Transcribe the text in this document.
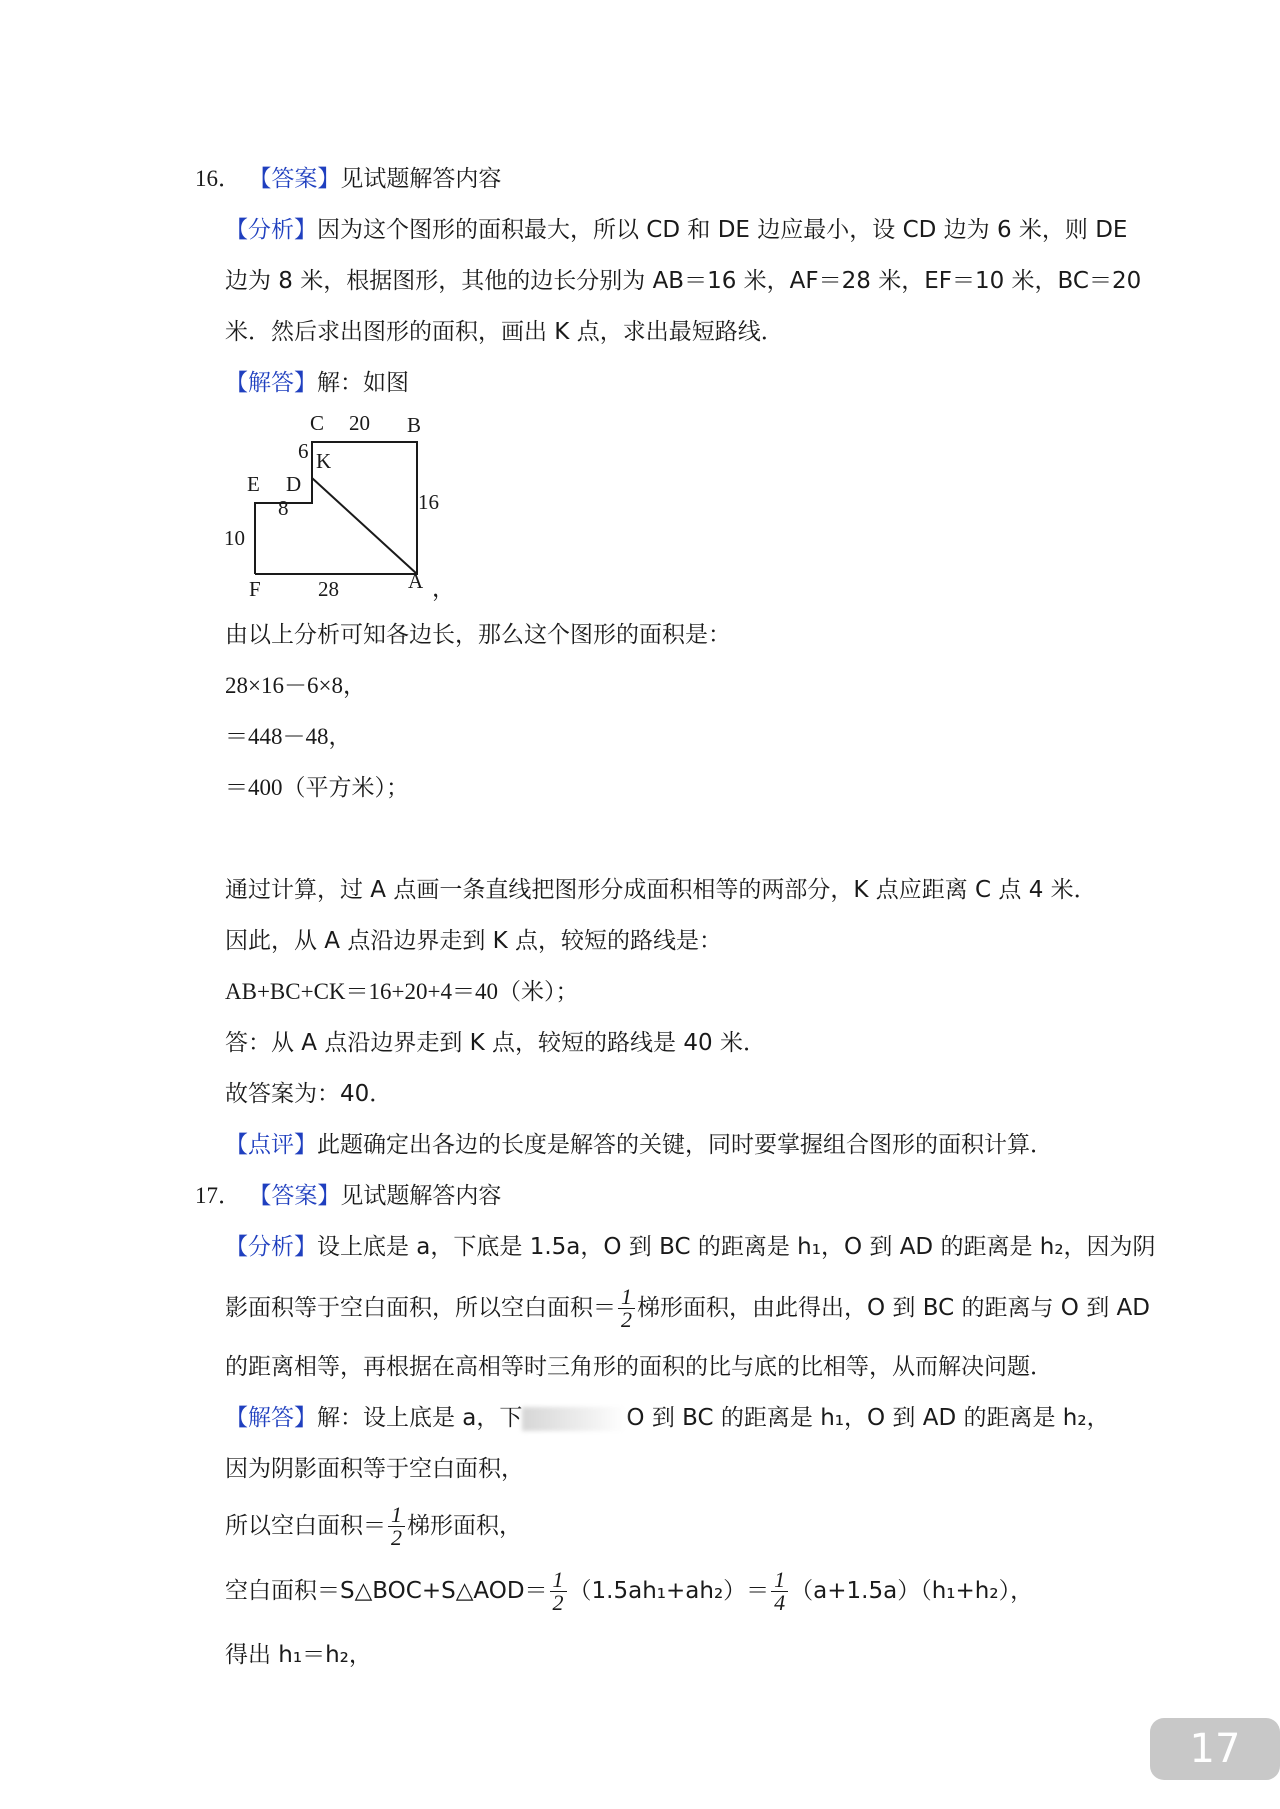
16． 【答案】见试题解答内容
【分析】因为这个图形的面积最大，所以 CD 和 DE 边应最小，设 CD 边为 6 米，则 DE
边为 8 米，根据图形，其他的边长分别为 AB＝16 米，AF＝28 米，EF＝10 米，BC＝20
米．然后求出图形的面积，画出 K 点，求出最短路线．
【解答】解：如图
C 20 B
6 K
E D
8	16
10
F	28	A ，
由以上分析可知各边长，那么这个图形的面积是：
28×16－6×8，
＝448－48，
＝400（平方米）；
通过计算，过 A 点画一条直线把图形分成面积相等的两部分，K 点应距离 C 点 4 米．
因此，从 A 点沿边界走到 K 点，较短的路线是：
AB+BC+CK＝16+20+4＝40（米）；
答：从 A 点沿边界走到 K 点，较短的路线是 40 米．
故答案为：40．
【点评】此题确定出各边的长度是解答的关键，同时要掌握组合图形的面积计算．
17． 【答案】见试题解答内容
【分析】设上底是 a，下底是 1.5a，O 到 BC 的距离是 h₁，O 到 AD 的距离是 h₂，因为阴
影面积等于空白面积，所以空白面积＝ $\frac{1}{2}$ 梯形面积，由此得出，O 到 BC 的距离与 O 到 AD
的距离相等，再根据在高相等时三角形的面积的比与底的比相等，从而解决问题．
【解答】解：设上底是 a，下	O 到 BC 的距离是 h₁，O 到 AD 的距离是 h₂，
因为阴影面积等于空白面积，
所以空白面积＝ $\frac{1}{2}$ 梯形面积，
空白面积＝S△BOC+S△AOD＝ $\frac{1}{2} (1.5ah_1+ah_2)= \frac{1}{4} (a+1.5a)(h_1+h_2)$，
得出 h₁＝h₂，
17
